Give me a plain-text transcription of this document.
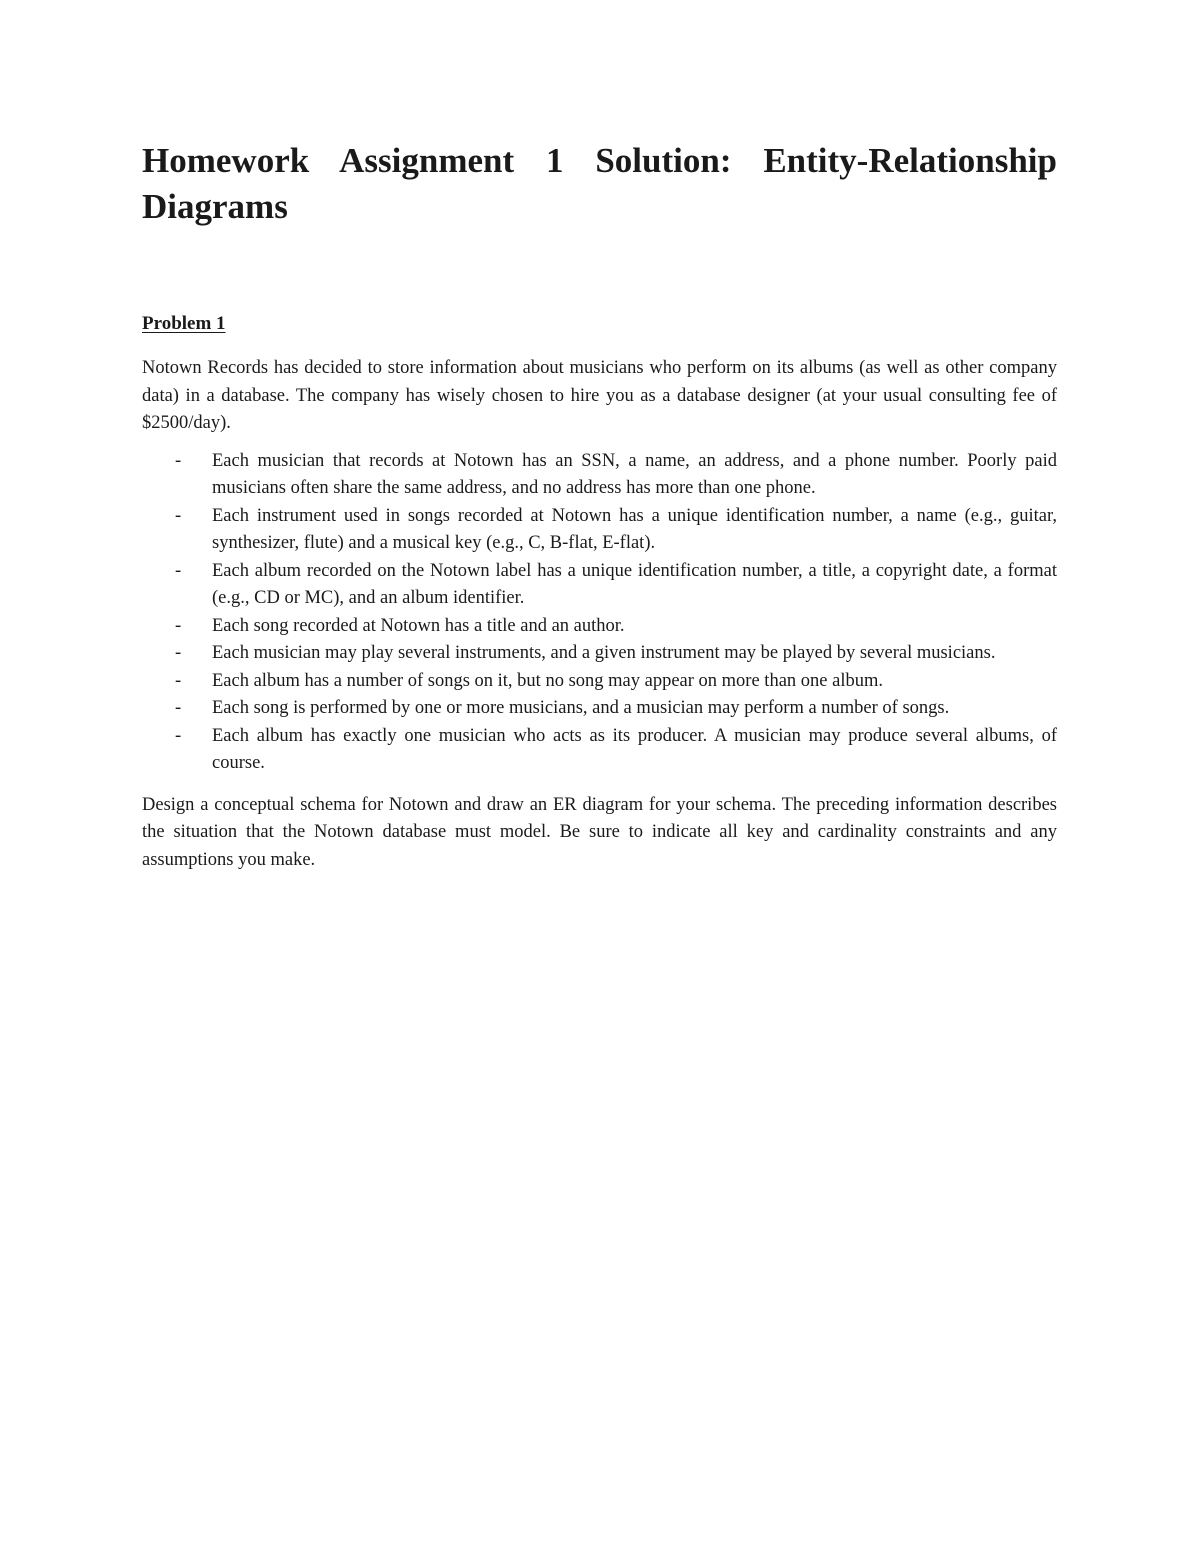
Homework Assignment 1 Solution: Entity-Relationship Diagrams
Problem 1

Notown Records has decided to store information about musicians who perform on its albums (as well as other company data) in a database. The company has wisely chosen to hire you as a database designer (at your usual consulting fee of $2500/day).

- Each musician that records at Notown has an SSN, a name, an address, and a phone number. Poorly paid musicians often share the same address, and no address has more than one phone.
- Each instrument used in songs recorded at Notown has a unique identification number, a name (e.g., guitar, synthesizer, flute) and a musical key (e.g., C, B-flat, E-flat).
- Each album recorded on the Notown label has a unique identification number, a title, a copyright date, a format (e.g., CD or MC), and an album identifier.
- Each song recorded at Notown has a title and an author.
- Each musician may play several instruments, and a given instrument may be played by several musicians.
- Each album has a number of songs on it, but no song may appear on more than one album.
- Each song is performed by one or more musicians, and a musician may perform a number of songs.
- Each album has exactly one musician who acts as its producer. A musician may produce several albums, of course.

Design a conceptual schema for Notown and draw an ER diagram for your schema. The preceding information describes the situation that the Notown database must model. Be sure to indicate all key and cardinality constraints and any assumptions you make.
